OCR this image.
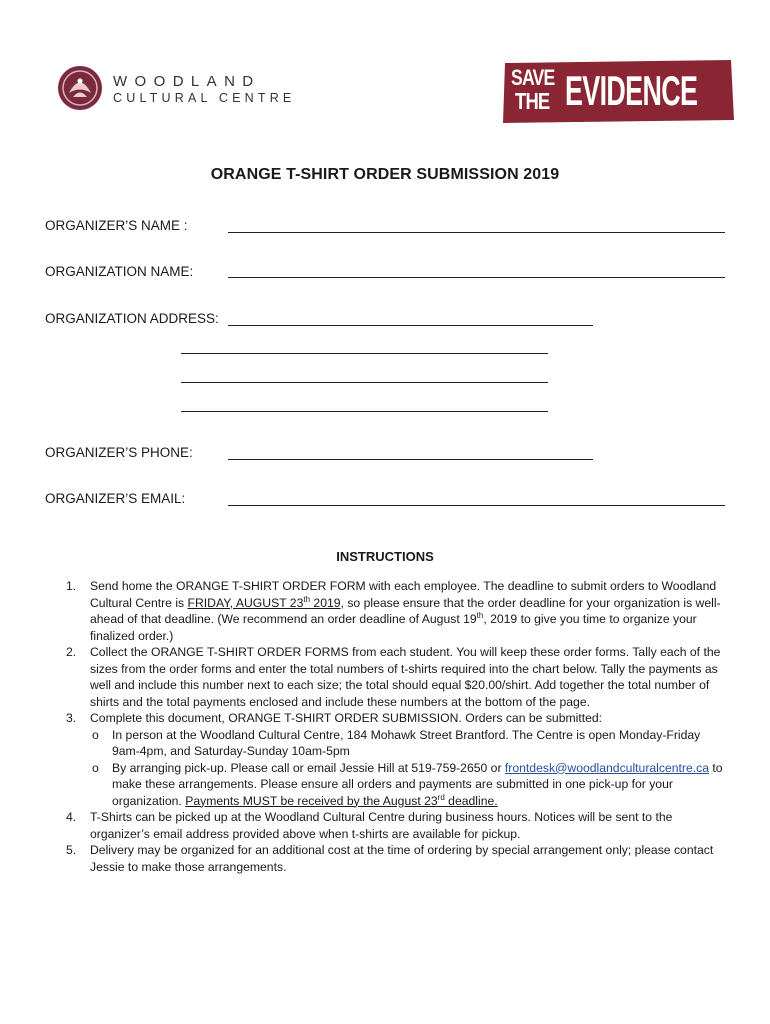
WOODLAND
CULTURAL CENTRE
SAVE
THE EVIDENCE
ORANGE T-SHIRT ORDER SUBMISSION 2019
ORGANIZER’S NAME :
ORGANIZATION NAME:
ORGANIZATION ADDRESS:
ORGANIZER’S PHONE:
ORGANIZER’S EMAIL:
INSTRUCTIONS
1. Send home the ORANGE T-SHIRT ORDER FORM with each employee. The deadline to submit orders to Woodland Cultural Centre is FRIDAY, AUGUST 23th 2019, so please ensure that the order deadline for your organization is well-ahead of that deadline. (We recommend an order deadline of August 19th, 2019 to give you time to organize your finalized order.)
2. Collect the ORANGE T-SHIRT ORDER FORMS from each student. You will keep these order forms. Tally each of the sizes from the order forms and enter the total numbers of t-shirts required into the chart below. Tally the payments as well and include this number next to each size; the total should equal $20.00/shirt. Add together the total number of shirts and the total payments enclosed and include these numbers at the bottom of the page.
3. Complete this document, ORANGE T-SHIRT ORDER SUBMISSION. Orders can be submitted:
o In person at the Woodland Cultural Centre, 184 Mohawk Street Brantford. The Centre is open Monday-Friday 9am-4pm, and Saturday-Sunday 10am-5pm
o By arranging pick-up. Please call or email Jessie Hill at 519-759-2650 or frontdesk@woodlandculturalcentre.ca to make these arrangements. Please ensure all orders and payments are submitted in one pick-up for your organization. Payments MUST be received by the August 23rd deadline.
4. T-Shirts can be picked up at the Woodland Cultural Centre during business hours. Notices will be sent to the organizer’s email address provided above when t-shirts are available for pickup.
5. Delivery may be organized for an additional cost at the time of ordering by special arrangement only; please contact Jessie to make those arrangements.
